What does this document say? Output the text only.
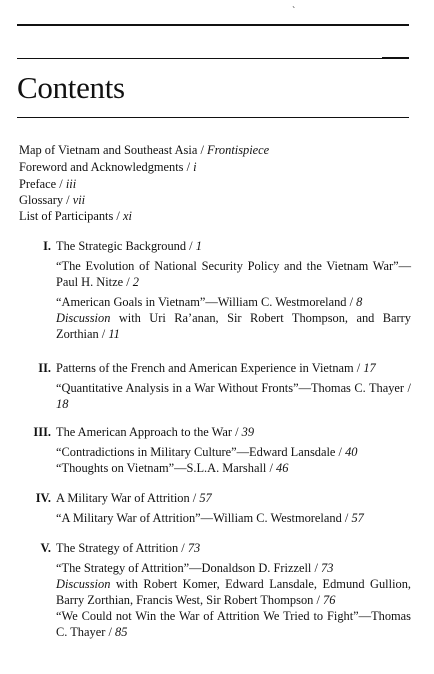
`
Contents
Map of Vietnam and Southeast Asia / Frontispiece
Foreword and Acknowledgments / i
Preface / iii
Glossary / vii
List of Participants / xi
I. The Strategic Background / 1
“The Evolution of National Security Policy and the Vietnam War”—Paul H. Nitze / 2
“American Goals in Vietnam”—William C. Westmoreland / 8
Discussion with Uri Ra’anan, Sir Robert Thompson, and Barry Zorthian / 11
II. Patterns of the French and American Experience in Vietnam / 17
“Quantitative Analysis in a War Without Fronts”—Thomas C. Thayer / 18
III. The American Approach to the War / 39
“Contradictions in Military Culture”—Edward Lansdale / 40
“Thoughts on Vietnam”—S.L.A. Marshall / 46
IV. A Military War of Attrition / 57
“A Military War of Attrition”—William C. Westmoreland / 57
V. The Strategy of Attrition / 73
“The Strategy of Attrition”—Donaldson D. Frizzell / 73
Discussion with Robert Komer, Edward Lansdale, Edmund Gullion, Barry Zorthian, Francis West, Sir Robert Thompson / 76
“We Could not Win the War of Attrition We Tried to Fight”—Thomas C. Thayer / 85
